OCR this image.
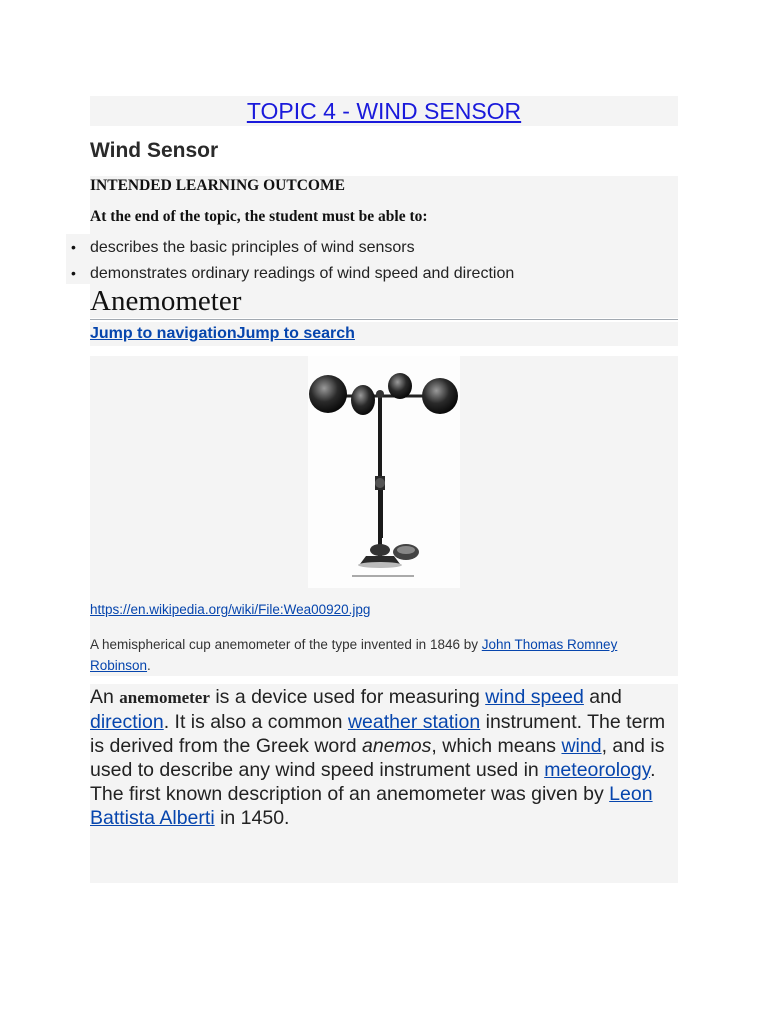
TOPIC 4 - WIND SENSOR
Wind Sensor
•
•
INTENDED LEARNING OUTCOME
At the end of the topic, the student must be able to:
describes the basic principles of wind sensors
demonstrates ordinary readings of wind speed and direction
Anemometer
Jump to navigationJump to search
https://en.wikipedia.org/wiki/File:Wea00920.jpg
A hemispherical cup anemometer of the type invented in 1846 by John Thomas Romney Robinson.

An anemometer is a device used for measuring wind speed and direction. It is also a common weather station instrument. The term is derived from the Greek word anemos, which means wind, and is used to describe any wind speed instrument used in meteorology. The first known description of an anemometer was given by Leon Battista Alberti in 1450.
